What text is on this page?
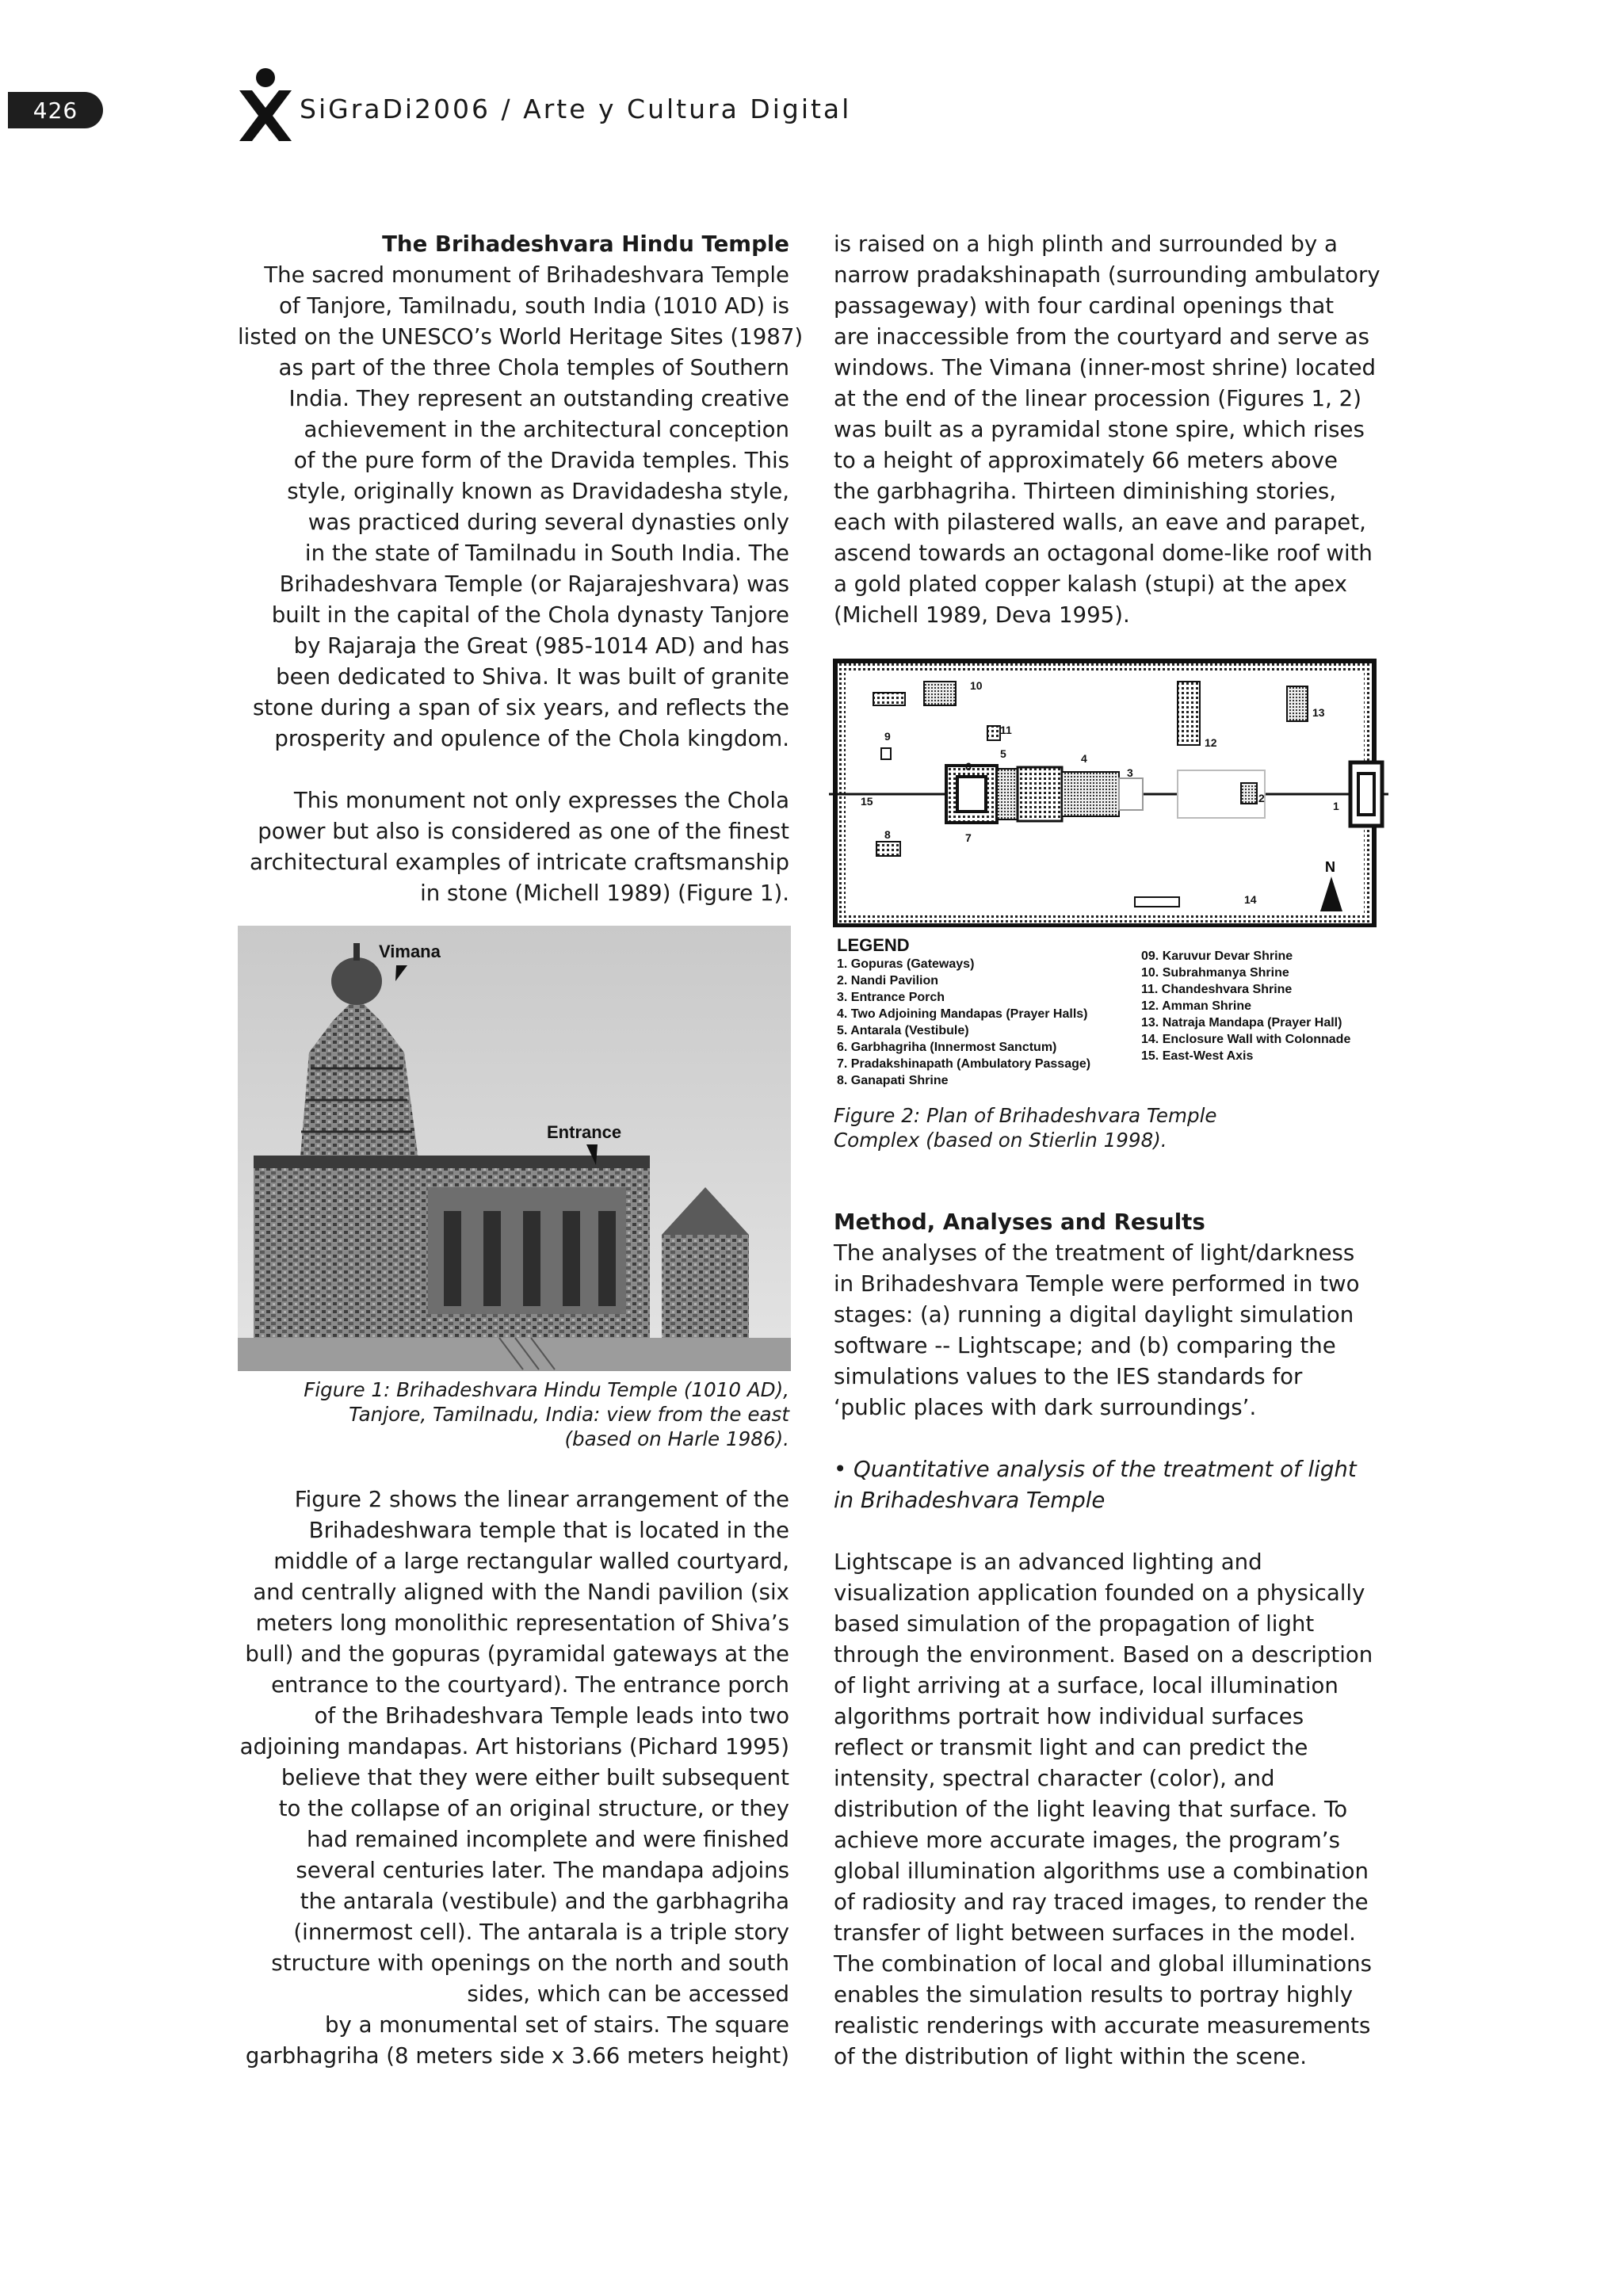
426	SiGraDi2006 / Arte y Cultura Digital

The Brihadeshvara Hindu Temple

The sacred monument of Brihadeshvara Temple
of Tanjore, Tamilnadu, south India (1010 AD) is
listed on the UNESCO’s World Heritage Sites (1987)
as part of the three Chola temples of Southern
India. They represent an outstanding creative
achievement in the architectural conception
of the pure form of the Dravida temples. This
style, originally known as Dravidadesha style,
was practiced during several dynasties only
in the state of Tamilnadu in South India. The
Brihadeshvara Temple (or Rajarajeshvara) was
built in the capital of the Chola dynasty Tanjore
by Rajaraja the Great (985-1014 AD) and has
been dedicated to Shiva. It was built of granite
stone during a span of six years, and reflects the
prosperity and opulence of the Chola kingdom.

This monument not only expresses the Chola
power but also is considered as one of the finest
architectural examples of intricate craftsmanship
in stone (Michell 1989) (Figure 1).

Vimana
Entrance
Figure 1: Brihadeshvara Hindu Temple (1010 AD),
Tanjore, Tamilnadu, India: view from the east
(based on Harle 1986).

Figure 2 shows the linear arrangement of the
Brihadeshwara temple that is located in the
middle of a large rectangular walled courtyard,
and centrally aligned with the Nandi pavilion (six
meters long monolithic representation of Shiva’s
bull) and the gopuras (pyramidal gateways at the
entrance to the courtyard). The entrance porch
of the Brihadeshvara Temple leads into two
adjoining mandapas. Art historians (Pichard 1995)
believe that they were either built subsequent
to the collapse of an original structure, or they
had remained incomplete and were finished
several centuries later. The mandapa adjoins
the antarala (vestibule) and the garbhagriha
(innermost cell). The antarala is a triple story
structure with openings on the north and south
sides, which can be accessed
by a monumental set of stairs. The square
garbhagriha (8 meters side x 3.66 meters height)

is raised on a high plinth and surrounded by a
narrow pradakshinapath (surrounding ambulatory
passageway) with four cardinal openings that
are inaccessible from the courtyard and serve as
windows. The Vimana (inner-most shrine) located
at the end of the linear procession (Figures 1, 2)
was built as a pyramidal stone spire, which rises
to a height of approximately 66 meters above
the garbhagriha. Thirteen diminishing stories,
each with pilastered walls, an eave and parapet,
ascend towards an octagonal dome-like roof with
a gold plated copper kalash (stupi) at the apex
(Michell 1989, Deva 1995).

N
1
2
3
4
5
6
7
8
9
10
11
12
13
14
15
LEGEND
1. Gopuras (Gateways)
2. Nandi Pavilion
3. Entrance Porch
4. Two Adjoining Mandapas (Prayer Halls)
5. Antarala (Vestibule)
6. Garbhagriha (Innermost Sanctum)
7. Pradakshinapath (Ambulatory Passage)
8. Ganapati Shrine
09. Karuvur Devar Shrine
10. Subrahmanya Shrine
11. Chandeshvara Shrine
12. Amman Shrine
13. Natraja Mandapa (Prayer Hall)
14. Enclosure Wall with Colonnade
15. East-West Axis
Figure 2: Plan of Brihadeshvara Temple
Complex (based on Stierlin 1998).

Method, Analyses and Results

The analyses of the treatment of light/darkness
in Brihadeshvara Temple were performed in two
stages: (a) running a digital daylight simulation
software -- Lightscape; and (b) comparing the
simulations values to the IES standards for
‘public places with dark surroundings’.

• Quantitative analysis of the treatment of light
in Brihadeshvara Temple

Lightscape is an advanced lighting and
visualization application founded on a physically
based simulation of the propagation of light
through the environment. Based on a description
of light arriving at a surface, local illumination
algorithms portrait how individual surfaces
reflect or transmit light and can predict the
intensity, spectral character (color), and
distribution of the light leaving that surface. To
achieve more accurate images, the program’s
global illumination algorithms use a combination
of radiosity and ray traced images, to render the
transfer of light between surfaces in the model.
The combination of local and global illuminations
enables the simulation results to portray highly
realistic renderings with accurate measurements
of the distribution of light within the scene.
